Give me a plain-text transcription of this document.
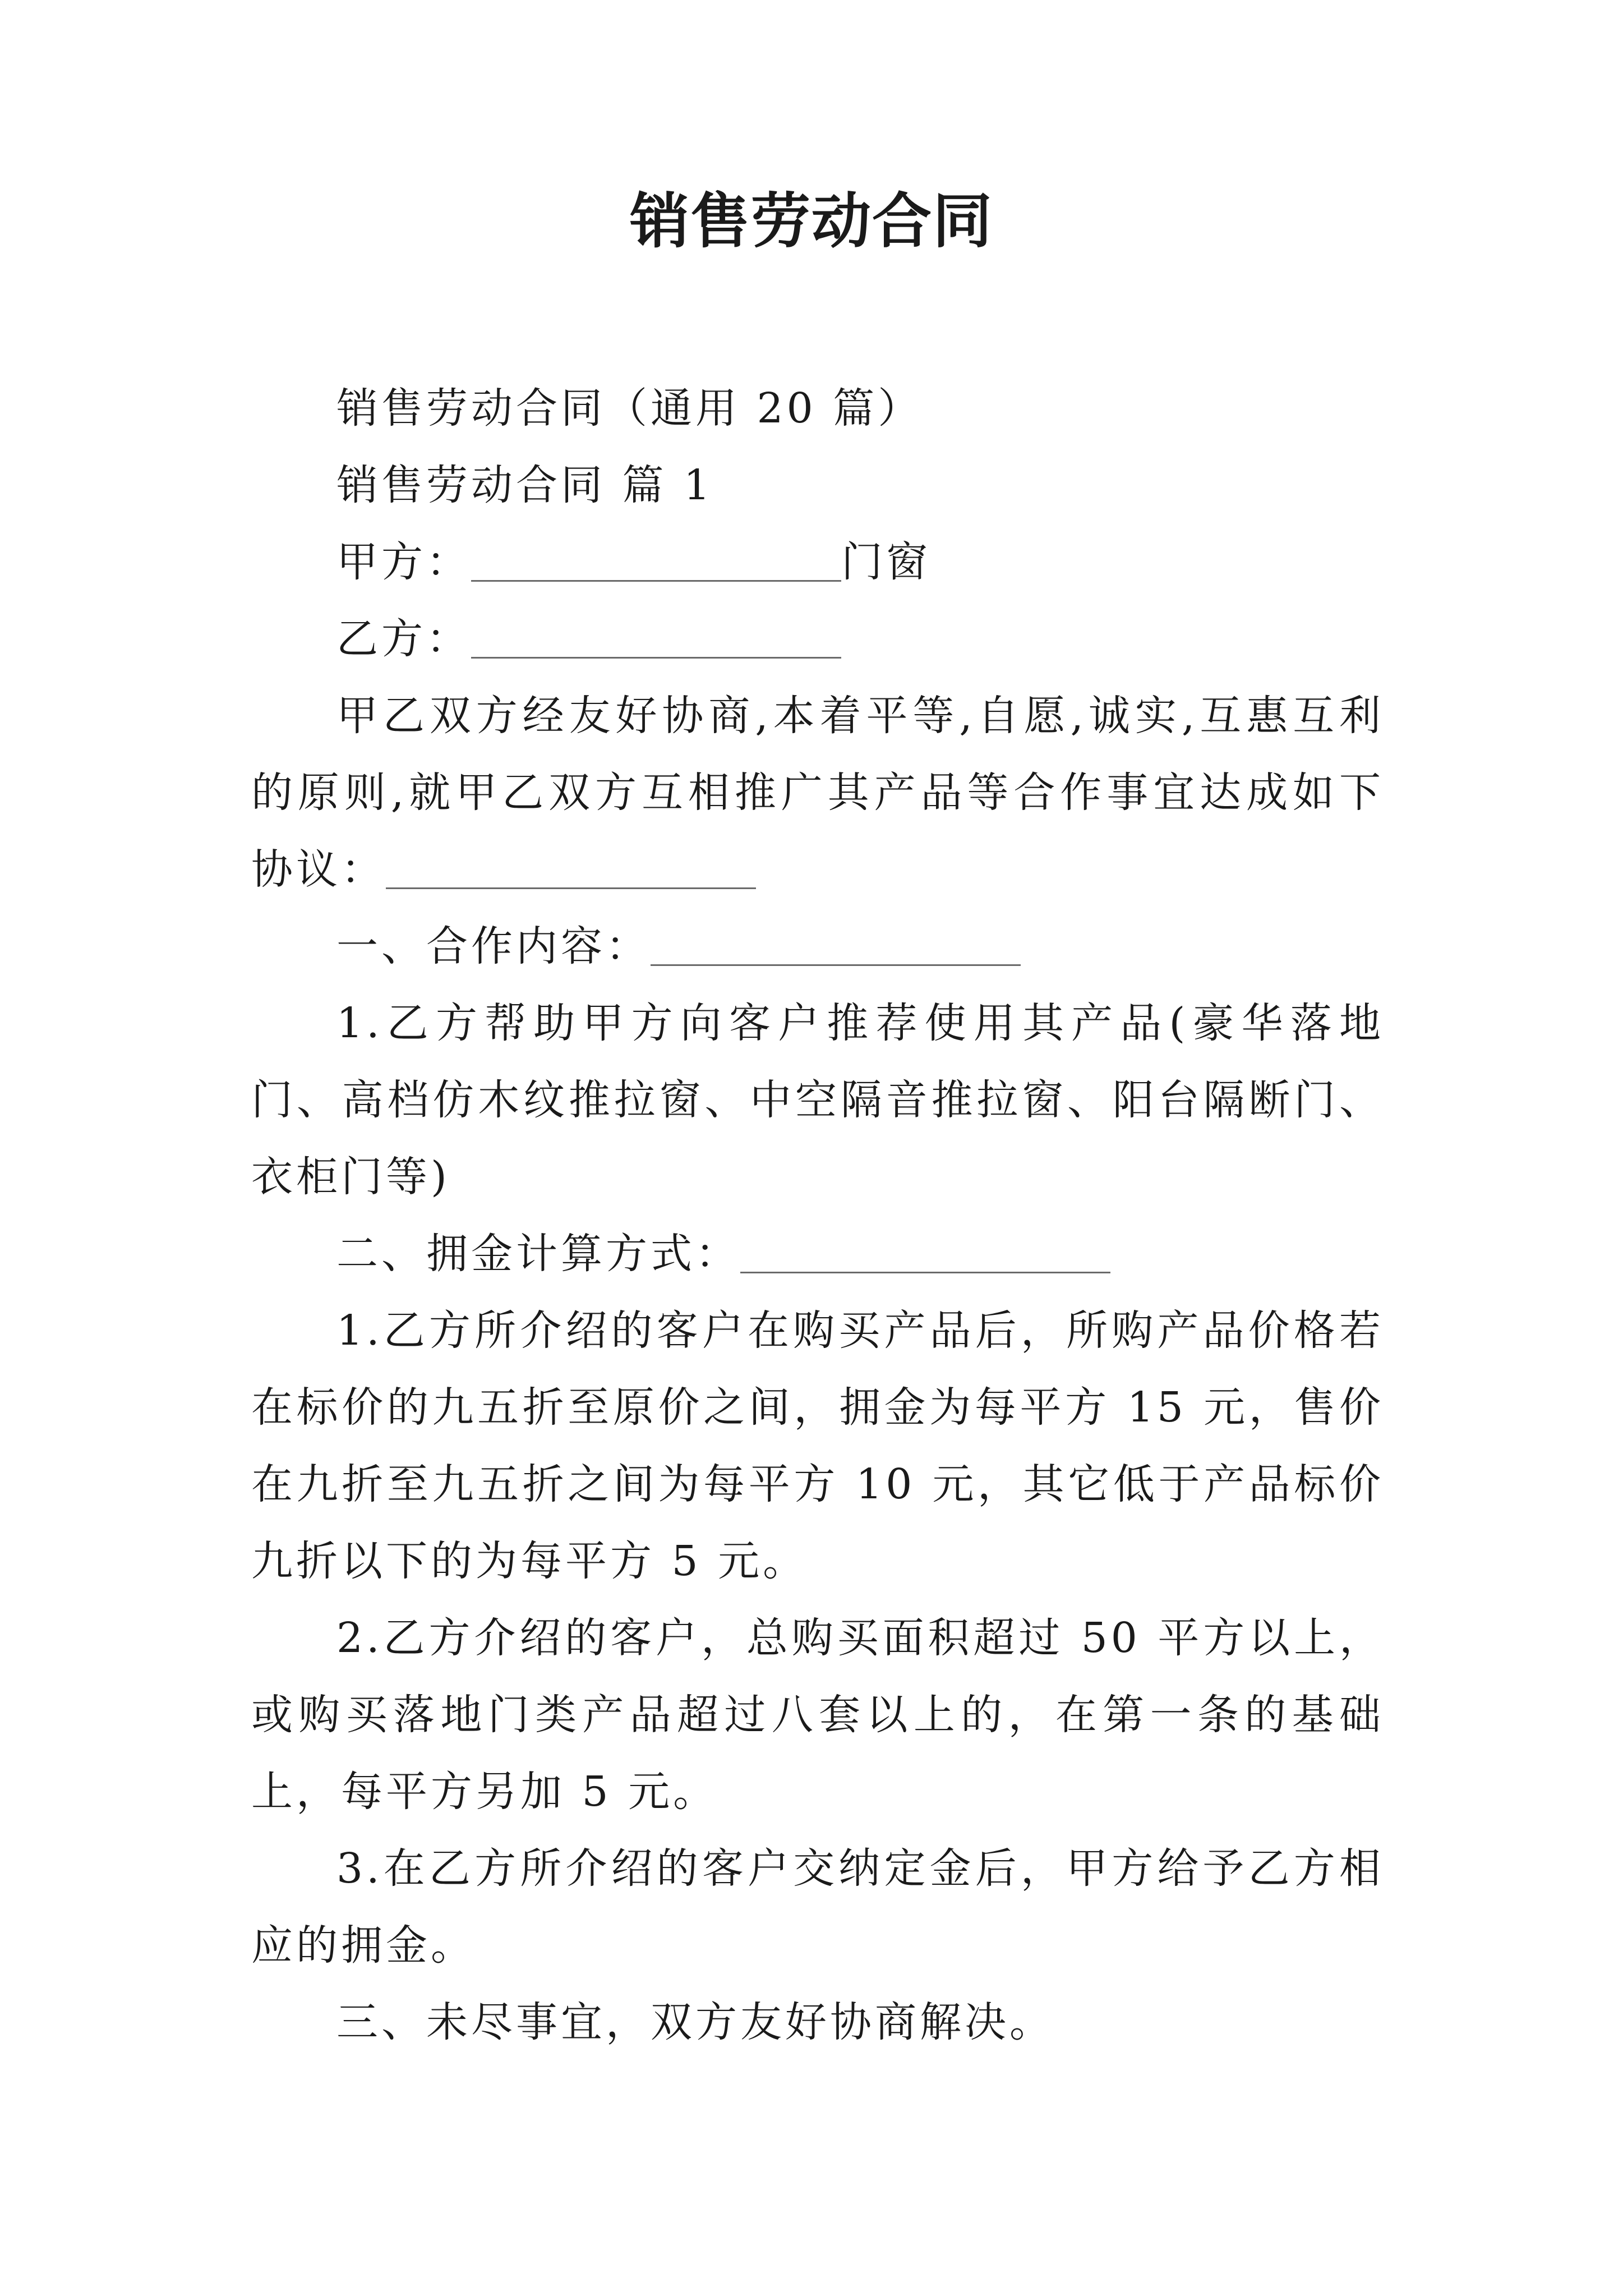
销售劳动合同

销售劳动合同（通用 20 篇）

销售劳动合同 篇 1

甲方：	门窗

乙方：

甲乙双方经友好协商,本着平等,自愿,诚实,互惠互利的原则,就甲乙双方互相推广其产品等合作事宜达成如下协议：

一、合作内容：

1.乙方帮助甲方向客户推荐使用其产品(豪华落地门、高档仿木纹推拉窗、中空隔音推拉窗、阳台隔断门、衣柜门等)

二、拥金计算方式：

1.乙方所介绍的客户在购买产品后，所购产品价格若在标价的九五折至原价之间，拥金为每平方 15 元，售价在九折至九五折之间为每平方 10 元，其它低于产品标价九折以下的为每平方 5 元。

2.乙方介绍的客户，总购买面积超过 50 平方以上，或购买落地门类产品超过八套以上的，在第一条的基础上，每平方另加 5 元。

3.在乙方所介绍的客户交纳定金后，甲方给予乙方相应的拥金。

三、未尽事宜，双方友好协商解决。
